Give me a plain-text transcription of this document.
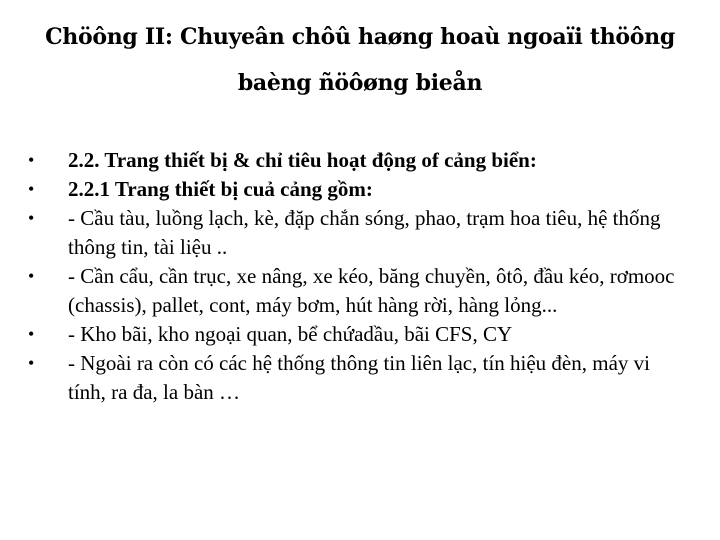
Chöông II: Chuyeân chôû haøng hoaù ngoaïi thöông
baèng ñöôøng bieån
•	2.2. Trang thiết bị & chỉ tiêu hoạt động of cảng biển:
•	2.2.1 Trang thiết bị cuả cảng gồm:
•	- Cầu tàu, luồng lạch, kè, đặp chắn sóng, phao, trạm hoa tiêu, hệ thống thông tin, tài liệu ..
•	- Cần cẩu, cần trục, xe nâng, xe kéo, băng chuyền, ôtô, đầu kéo, rơmooc (chassis), pallet, cont, máy bơm, hút hàng rời, hàng lỏng...
•	- Kho bãi, kho ngoại quan, bể chứadầu, bãi CFS, CY
•	- Ngoài ra còn có các hệ thống thông tin liên lạc, tín hiệu đèn, máy vi tính, ra đa, la bàn …
